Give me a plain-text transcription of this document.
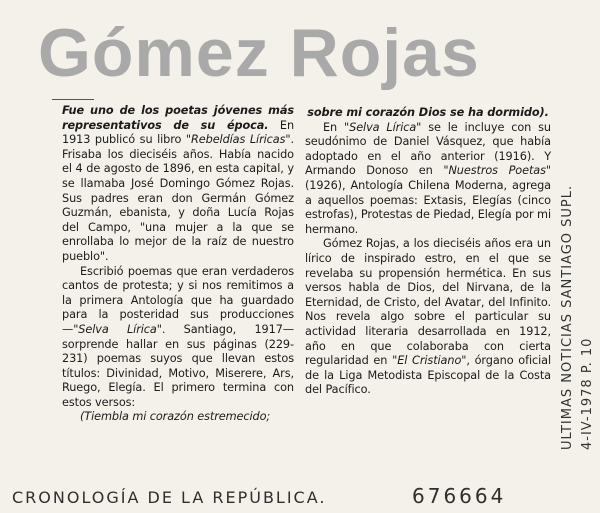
Gómez Rojas

Fue uno de los poetas jóvenes más representativos de su época. En 1913 publicó su libro "Rebeldías Líricas". Frisaba los dieciséis años. Había nacido el 4 de agosto de 1896, en esta capital, y se llamaba José Domingo Gómez Rojas. Sus padres eran don Germán Gómez Guzmán, ebanista, y doña Lucía Rojas del Campo, "una mujer a la que se enrollaba lo mejor de la raíz de nuestro pueblo".

Escribió poemas que eran verdaderos cantos de protesta; y si nos remitimos a la primera Antología que ha guardado para la posteridad sus producciones —"Selva Lírica". Santiago, 1917— sorprende hallar en sus páginas (229-231) poemas suyos que llevan estos títulos: Divinidad, Motivo, Miserere, Ars, Ruego, Elegía. El primero termina con estos versos:

(Tiembla mi corazón estremecido;

sobre mi corazón Dios se ha dormido).

En "Selva Lírica" se le incluye con su seudónimo de Daniel Vásquez, que había adoptado en el año anterior (1916). Y Armando Donoso en "Nuestros Poetas" (1926), Antología Chilena Moderna, agrega a aquellos poemas: Extasis, Elegías (cinco estrofas), Protestas de Piedad, Elegía por mi hermano.

Gómez Rojas, a los dieciséis años era un lírico de inspirado estro, en el que se revelaba su propensión hermética. En sus versos habla de Dios, del Nirvana, de la Eternidad, de Cristo, del Avatar, del Infinito. Nos revela algo sobre el particular su actividad literaria desarrollada en 1912, año en que colaboraba con cierta regularidad en "El Cristiano", órgano oficial de la Liga Metodista Episcopal de la Costa del Pacífico.	ULTIMAS NOTICIAS SANTIAGO SUPL. 4-IV-1978 P. 10
CRONOLOGÍA DE LA REPÚBLICA.	676664
